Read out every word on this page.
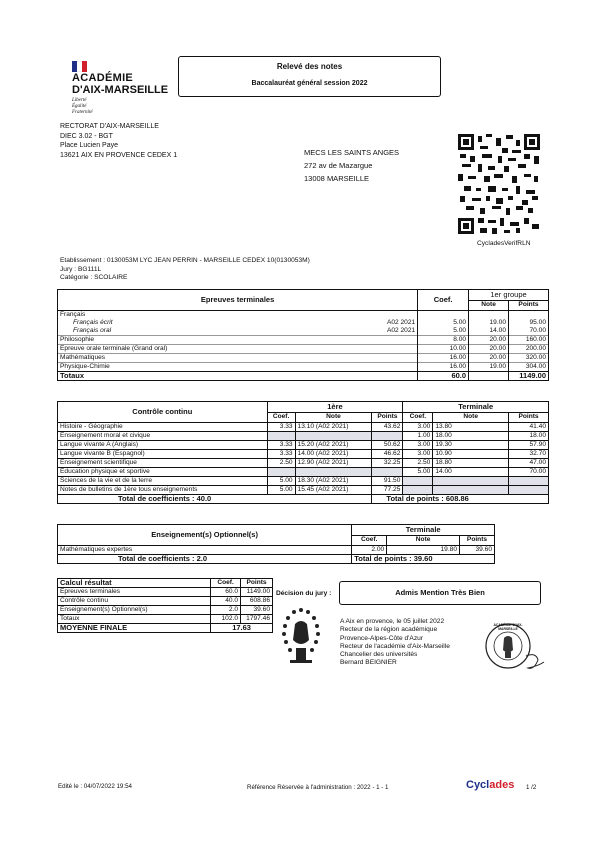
ACADÉMIE
D'AIX-MARSEILLE
Liberté
Égalité
Fraternité
Relevé des notes
Baccalauréat général session 2022
RECTORAT D'AIX-MARSEILLE
DIEC 3.02 - BGT
Place Lucien Paye
13621 AIX EN PROVENCE CEDEX 1	MECS LES SAINTS ANGES
272 av de Mazargue
13008 MARSEILLE
CycladesVerifRLN
Etablissement : 0130053M LYC JEAN PERRIN - MARSEILLE CEDEX 10(0130053M)
Jury : BG111L
Catégorie : SCOLAIRE
Epreuves terminales	Coef.	1er groupe	
		Note	Points
Français			
Français écrit A02 2021	5.00	19.00	95.00
Français oral A02 2021	5.00	14.00	70.00
Philosophie	8.00	20.00	160.00
Epreuve orale terminale (Grand oral)	10.00	20.00	200.00
Mathématiques	16.00	20.00	320.00
Physique-Chimie	16.00	19.00	304.00
Totaux	60.0		1149.00
Contrôle continu	1ère			Terminale		
	Coef.	Note	Points	Coef.	Note	Points
Histoire - Géographie	3.33	13.10 (A02 2021)	43.62	3.00	13.80	41.40
Enseignement moral et civique				1.00	18.00	18.00
Langue vivante A (Anglais)	3.33	15.20 (A02 2021)	50.62	3.00	19.30	57.90
Langue vivante B (Espagnol)	3.33	14.00 (A02 2021)	46.62	3.00	10.90	32.70
Enseignement scientifique	2.50	12.90 (A02 2021)	32.25	2.50	18.80	47.00
Education physique et sportive				5.00	14.00	70.00
Sciences de la vie et de la terre	5.00	18.30 (A02 2021)	91.50			
Notes de bulletins de 1ère tous enseignements	5.00	15.45 (A02 2021)	77.25			
Total de coefficients : 40.0			Total de points : 608.86			
Enseignement(s) Optionnel(s)	Terminale		
	Coef.	Note	Points
Mathématiques expertes	2.00	19.80	39.60
Total de coefficients : 2.0	Total de points : 39.60		
Calcul résultat	Coef.	Points
Epreuves terminales	60.0	1149.00
Contrôle continu	40.0	608.86
Enseignement(s) Optionnel(s)	2.0	39.60
Totaux	102.0	1797.46
MOYENNE FINALE	17.63	
Décision du jury :	Admis Mention Très Bien
A Aix en provence, le 05 juillet 2022
Recteur de la région académique
Provence-Alpes-Côte d'Azur
Recteur de l'académie d'Aix-Marseille
Chancelier des universités
Bernard BEIGNIER
ACADÉMIE D'AIX-MARSEILLE
Edité le : 04/07/2022 19:54	Référence Réservée à l'administration : 2022 - 1 - 1	Cyclades 1 /2
